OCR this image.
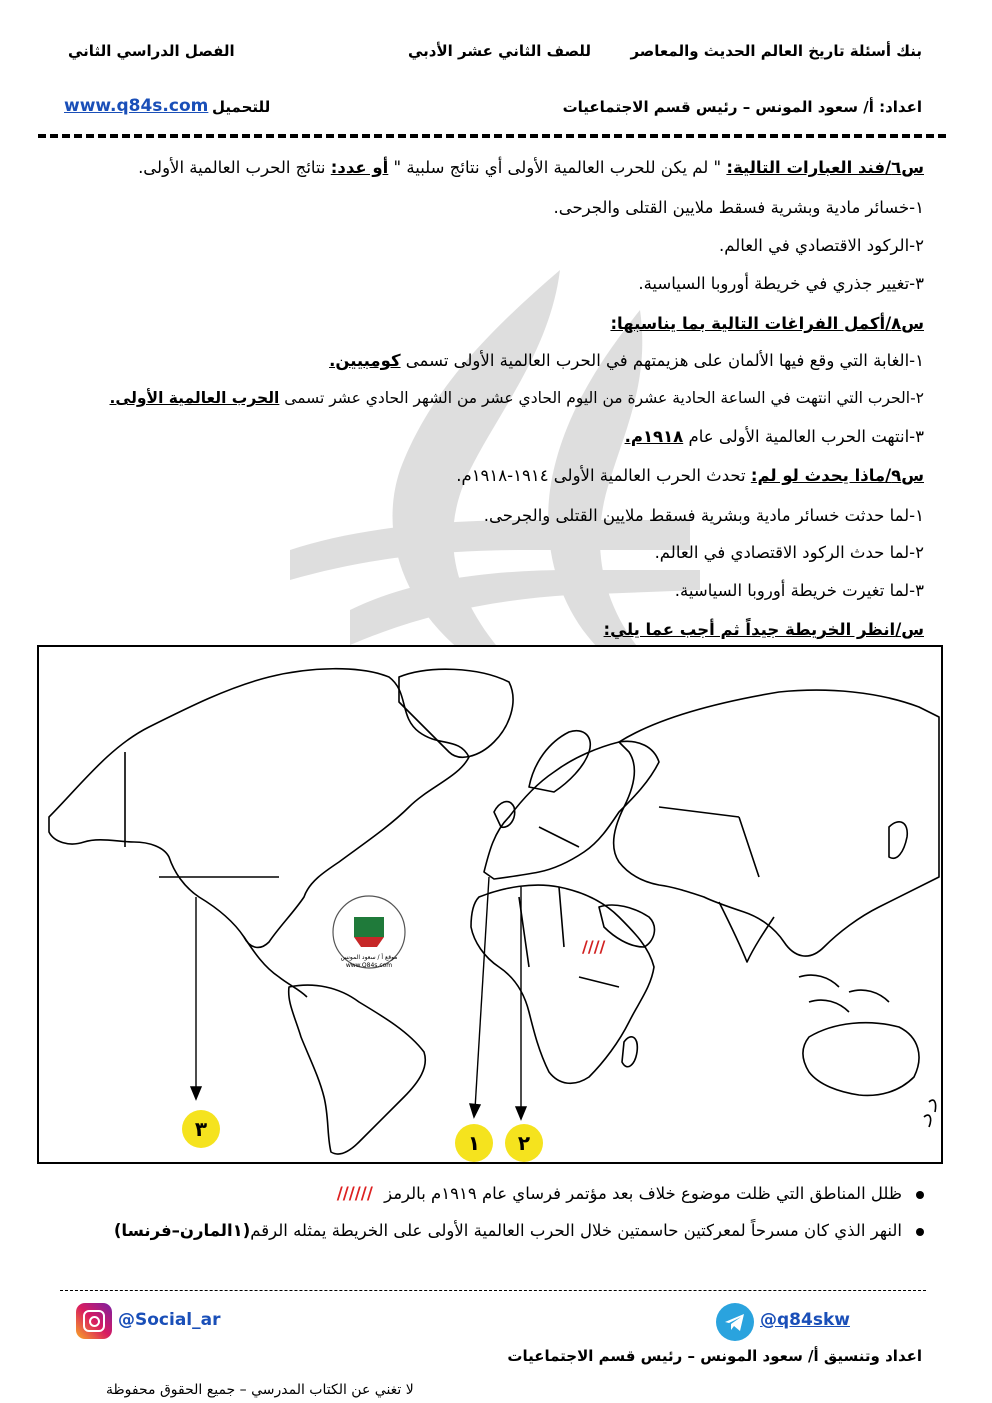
بنك أسئلة تاريخ العالم الحديث والمعاصر
للصف الثاني عشر الأدبي
الفصل الدراسي الثاني
اعداد: أ/ سعود المونس – رئيس قسم الاجتماعيات
للتحميل
www.q84s.com
س٦/فند العبارات التالية: " لم يكن للحرب العالمية الأولى أي نتائج سلبية " أو عدد: نتائج الحرب العالمية الأولى.
١-خسائر مادية وبشرية فسقط ملايين القتلى والجرحى.
٢-الركود الاقتصادي في العالم.
٣-تغيير جذري في خريطة أوروبا السياسية.
س٨/أكمل الفراغات التالية بما يناسبها:
١-الغابة التي وقع فيها الألمان على هزيمتهم في الحرب العالمية الأولى تسمى كومبيين.
٢-الحرب التي انتهت في الساعة الحادية عشرة من اليوم الحادي عشر من الشهر الحادي عشر تسمى الحرب العالمية الأولى.
٣-انتهت الحرب العالمية الأولى عام ١٩١٨م.
س٩/ماذا يحدث لو لم: تحدث الحرب العالمية الأولى ١٩١٤-١٩١٨م.
١-لما حدثت خسائر مادية وبشرية فسقط ملايين القتلى والجرحى.
٢-لما حدث الركود الاقتصادي في العالم.
٣-لما تغيرت خريطة أوروبا السياسية.
س/انظر الخريطة جيداً ثم أجب عما يلي:
////
موقع أ / سعود المونس
www.Q84s.com
٣
١	٢
ظلل المناطق التي ظلت موضوع خلاف بعد مؤتمر فرساي عام ١٩١٩م بالرمز //////
النهر الذي كان مسرحاً لمعركتين حاسمتين خلال الحرب العالمية الأولى على الخريطة يمثله الرقم(١المارن–فرنسا)
@Social_ar	@q84skw
اعداد وتنسيق أ/ سعود المونس – رئيس قسم الاجتماعيات
لا تغني عن الكتاب المدرسي – جميع الحقوق محفوظة
